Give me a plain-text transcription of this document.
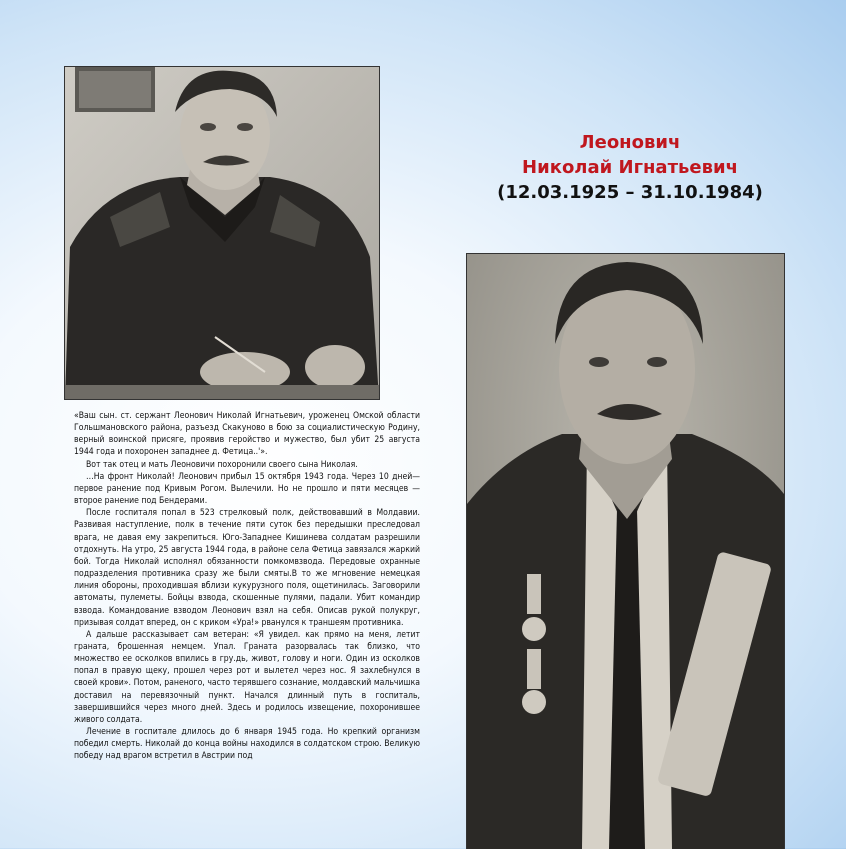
Леонович
Николай Игнатьевич
(12.03.1925 – 31.10.1984)

«Ваш сын. ст. сержант Леонович Николай Игнатьевич, уроженец Омской области Гольшмановского района, разъезд Скакуново в бою за социалистическую Родину, верный воинской присяге, проявив геройство и мужество, был убит 25 августа 1944 года и похоронен западнее д. Фетица..'».

Вот так отец и мать Леоновичи похоронили своего сына Николая.

…На фронт Николай! Леонович прибыл 15 октября 1943 года. Через 10 дней—первое ранение под Кривым Рогом. Вылечили. Но не прошло и пяти месяцев — второе ранение под Бендерами.

После госпиталя попал в 523 стрелковый полк, действовавший в Молдавии. Развивая наступление, полк в течение пяти суток без передышки преследовал врага, не давая ему закрепиться. Юго-Западнее Кишинева солдатам разрешили отдохнуть. На утро, 25 августа 1944 года, в районе села Фетица завязался жаркий бой. Тогда Николай исполнял обязанности помкомвзвода. Передовые охранные подразделения противника сразу же были смяты.В то же мгновение немецкая линия обороны, проходившая вблизи кукурузного поля, ощетинилась. Заговорили автоматы, пулеметы. Бойцы взвода, скошенные пулями, падали. Убит командир взвода. Командование взводом Леонович взял на себя. Описав рукой полукруг, призывая солдат вперед, он с криком «Ура!» рванулся к траншеям противника.

А дальше рассказывает сам ветеран: «Я увидел. как прямо на меня, летит граната, брошенная немцем. Упал. Граната разорвалась так близко, что множество ее осколков впились в гру.дь, живот, голову и ноги. Один из осколков попал в правую щеку, прошел через рот и вылетел через нос. Я захлебнулся в своей крови». Потом, раненого, часто терявшего сознание, молдавский мальчишка доставил на перевязочный пункт. Начался длинный путь в госпиталь, завершившийся через много дней. Здесь и родилось извещение, похоронившее живого солдата.

Лечение в госпитале длилось до 6 января 1945 года. Но крепкий организм победил смерть. Николай до конца войны находился в солдатском строю. Великую победу над врагом встретил в Австрии под
